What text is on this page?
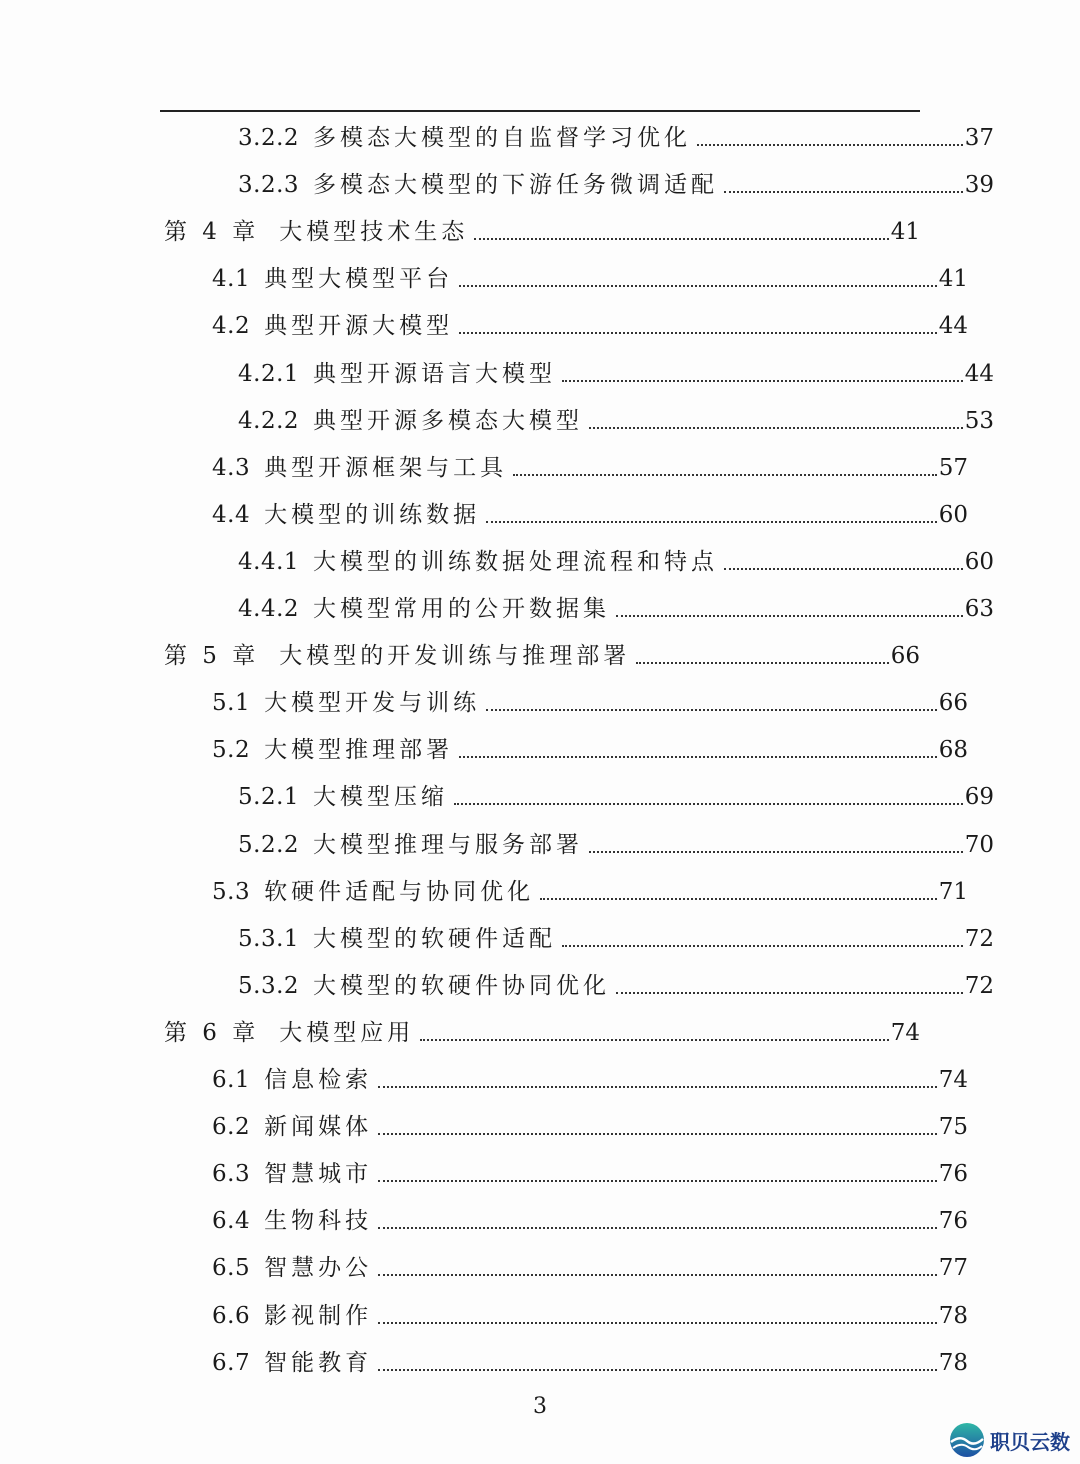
3.2.2 多模态大模型的自监督学习优化	37
3.2.3 多模态大模型的下游任务微调适配	39
第 4 章 大模型技术生态	41
4.1 典型大模型平台	41
4.2 典型开源大模型	44
4.2.1 典型开源语言大模型	44
4.2.2 典型开源多模态大模型	53
4.3 典型开源框架与工具	57
4.4 大模型的训练数据	60
4.4.1 大模型的训练数据处理流程和特点	60
4.4.2 大模型常用的公开数据集	63
第 5 章 大模型的开发训练与推理部署	66
5.1 大模型开发与训练	66
5.2 大模型推理部署	68
5.2.1 大模型压缩	69
5.2.2 大模型推理与服务部署	70
5.3 软硬件适配与协同优化	71
5.3.1 大模型的软硬件适配	72
5.3.2 大模型的软硬件协同优化	72
第 6 章 大模型应用	74
6.1 信息检索	74
6.2 新闻媒体	75
6.3 智慧城市	76
6.4 生物科技	76
6.5 智慧办公	77
6.6 影视制作	78
6.7 智能教育	78
3
职贝云数
